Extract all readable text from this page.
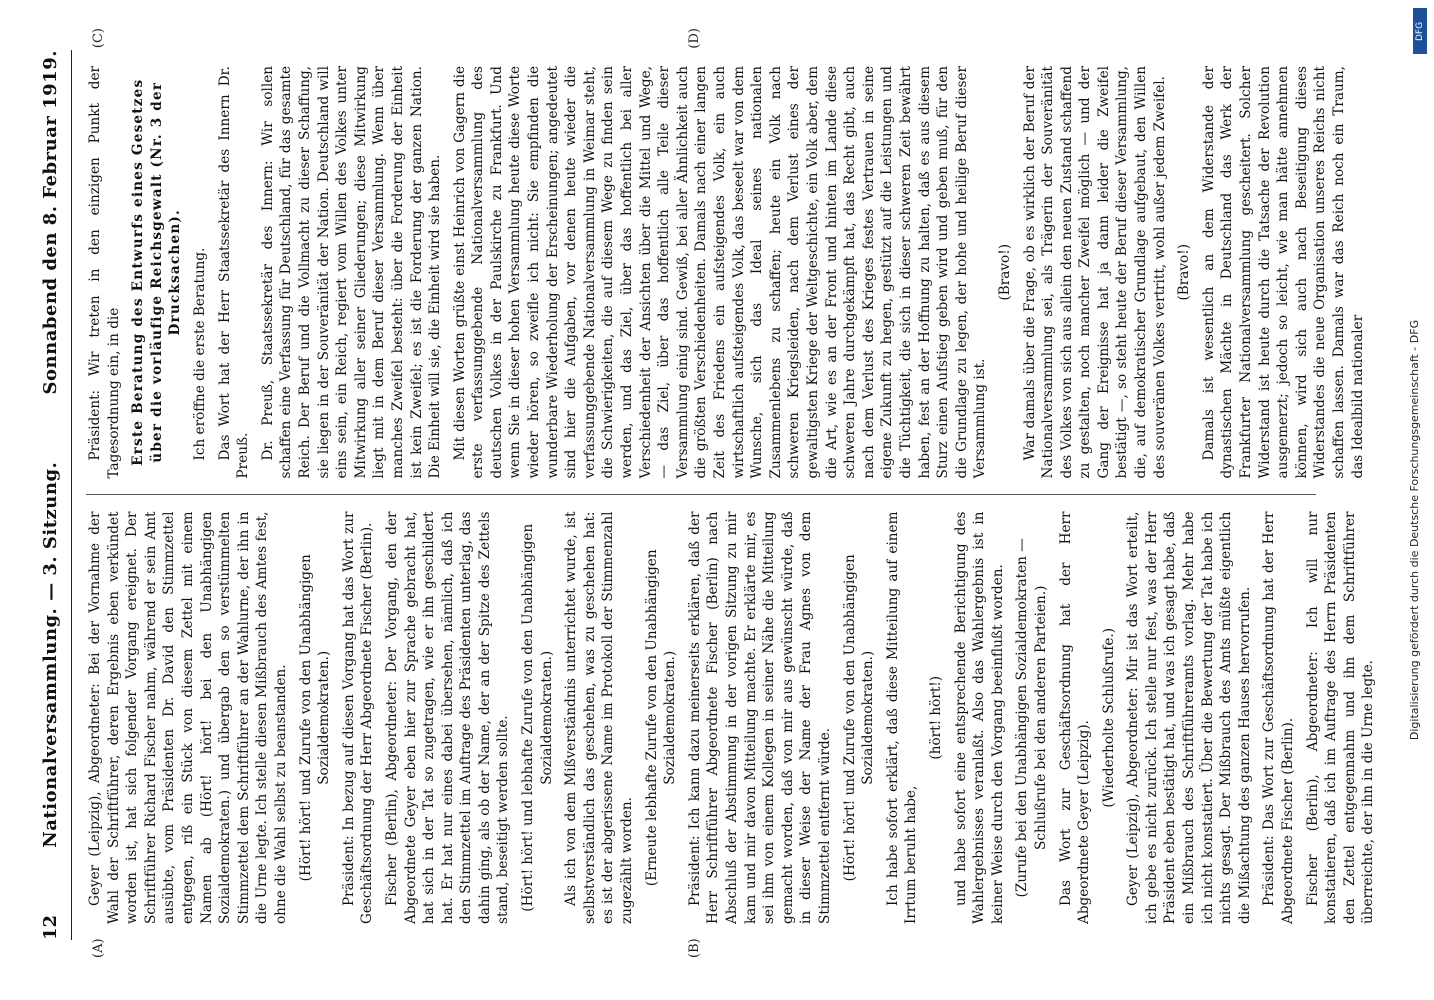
12
Nationalversammlung. — 3. Sitzung.
Sonnabend den 8. Februar 1919.
(A)	(B)

Geyer (Leipzig), Abgeordneter: Bei der Vornahme der Wahl der Schriftführer, deren Ergebnis eben verkündet worden ist, hat sich folgender Vorgang ereignet. Der Schriftführer Richard Fischer nahm, während er sein Amt ausübte, vom Präsidenten Dr. David den Stimmzettel entgegen, riß ein Stück von diesem Zettel mit einem Namen ab (Hört! hört! bei den Unabhängigen Sozialdemokraten.) und übergab den so verstümmelten Stimmzettel dem Schriftführer an der Wahlurne, der ihn in die Urne legte. Ich stelle diesen Mißbrauch des Amtes fest, ohne die Wahl selbst zu beanstanden. (Hört! hört! und Zurufe von den Unabhängigen Sozialdemokraten.) Präsident: In bezug auf diesen Vorgang hat das Wort zur Geschäftsordnung der Herr Abgeordnete Fischer (Berlin). Fischer (Berlin), Abgeordneter: Der Vorgang, den der Abgeordnete Geyer eben hier zur Sprache gebracht hat, hat sich in der Tat so zugetragen, wie er ihn geschildert hat. Er hat nur eines dabei übersehen, nämlich, daß ich den Stimmzettel im Auftrage des Präsidenten unterlag, das dahin ging, als ob der Name, der an der Spitze des Zettels stand, beseitigt werden sollte. (Hört! hört! und lebhafte Zurufe von den Unabhängigen Sozialdemokraten.) Als ich von dem Mißverständnis unterrichtet wurde, ist selbstverständlich das geschehen, was zu geschehen hat: es ist der abgerissene Name im Protokoll der Stimmenzahl zugezählt worden. (Erneute lebhafte Zurufe von den Unabhängigen Sozialdemokraten.) Präsident: Ich kann dazu meinerseits erklären, daß der Herr Schriftführer Abgeordnete Fischer (Berlin) nach Abschluß der Abstimmung in der vorigen Sitzung zu mir kam und mir davon Mitteilung machte. Er erklärte mir, es sei ihm von einem Kollegen in seiner Nähe die Mitteilung gemacht worden, daß von mir aus gewünscht würde, daß in dieser Weise der Name der Frau Agnes von dem Stimmzettel entfernt würde. (Hört! hört! und Zurufe von den Unabhängigen Sozialdemokraten.) Ich habe sofort erklärt, daß diese Mitteilung auf einem Irrtum beruht habe,

(hört! hört!) und habe sofort eine entsprechende Berichtigung des Wahlergebnisses veranlaßt. Also das Wahlergebnis ist in keiner Weise durch den Vorgang beeinflußt worden. (Zurufe bei den Unabhängigen Sozialdemokraten — Schlußrufe bei den anderen Parteien.) Das Wort zur Geschäftsordnung hat der Herr Abgeordnete Geyer (Leipzig).

(Wiederholte Schlußrufe.) Geyer (Leipzig), Abgeordneter: Mir ist das Wort erteilt, ich gebe es nicht zurück. Ich stelle nur fest, was der Herr Präsident eben bestätigt hat, und was ich gesagt habe, daß ein Mißbrauch des Schriftführeramts vorlag. Mehr habe ich nicht konstatiert. Über die Bewertung der Tat habe ich nichts gesagt. Der Mißbrauch des Amts müßte eigentlich die Mißachtung des ganzen Hauses hervorrufen. Präsident: Das Wort zur Geschäftsordnung hat der Herr Abgeordnete Fischer (Berlin). Fischer (Berlin), Abgeordneter: Ich will nur konstatieren, daß ich im Auftrage des Herrn Präsidenten den Zettel entgegennahm und ihn dem Schriftführer überreichte, der ihn in die Urne legte.

(C)	(D)

Präsident: Wir treten in den einzigen Punkt der Tagesordnung ein, in die Erste Beratung des Entwurfs eines Gesetzes über die vorläufige Reichsgewalt (Nr. 3 der Drucksachen). Ich eröffne die erste Beratung. Das Wort hat der Herr Staatssekretär des Innern Dr. Preuß. Dr. Preuß, Staatssekretär des Innern: Wir sollen schaffen eine Verfassung für Deutschland, für das gesamte Reich. Der Beruf und die Vollmacht zu dieser Schaffung, sie liegen in der Souveränität der Nation. Deutschland will eins sein, ein Reich, regiert vom Willen des Volkes unter Mitwirkung aller seiner Gliederungen; diese Mitwirkung liegt mit in dem Beruf dieser Versammlung. Wenn über manches Zweifel besteht: über die Forderung der Einheit ist kein Zweifel; es ist die Forderung der ganzen Nation. Die Einheit will sie, die Einheit wird sie haben. Mit diesen Worten grüßte einst Heinrich von Gagern die erste verfassunggebende Nationalversammlung des deutschen Volkes in der Paulskirche zu Frankfurt. Und wenn Sie in dieser hohen Versammlung heute diese Worte wieder hören, so zweifle ich nicht: Sie empfinden die wunderbare Wiederholung der Erscheinungen; angedeutet sind hier die Aufgaben, vor denen heute wieder die verfassunggebende Nationalversammlung in Weimar steht, die Schwierigkeiten, die auf diesem Wege zu finden sein werden, und das Ziel, über das hoffentlich bei aller Verschiedenheit der Ansichten über die Mittel und Wege, — das Ziel, über das hoffentlich alle Teile dieser Versammlung einig sind. Gewiß, bei aller Ähnlichkeit auch die größten Verschiedenheiten. Damals nach einer langen Zeit des Friedens ein aufsteigendes Volk, ein auch wirtschaftlich aufsteigendes Volk, das beseelt war von dem Wunsche, sich das Ideal seines nationalen Zusammenlebens zu schaffen; heute ein Volk nach schweren Kriegsleiden, nach dem Verlust eines der gewaltigsten Kriege der Weltgeschichte, ein Volk aber, dem die Art, wie es an der Front und hinten im Lande diese schweren Jahre durchgekämpft hat, das Recht gibt, auch nach dem Verlust des Krieges festes Vertrauen in seine eigene Zukunft zu hegen, gestützt auf die Leistungen und die Tüchtigkeit, die sich in dieser schweren Zeit bewährt haben, fest an der Hoffnung zu halten, daß es aus diesem Sturz einen Aufstieg geben wird und geben muß, für den die Grundlage zu legen, der hohe und heilige Beruf dieser Versammlung ist.

(Bravo!) War damals über die Frage, ob es wirklich der Beruf der Nationalversammlung sei, als Trägerin der Souveränität des Volkes von sich aus allein den neuen Zustand schaffend zu gestalten, noch mancher Zweifel möglich — und der Gang der Ereignisse hat ja dann leider die Zweifel bestätigt —, so steht heute der Beruf dieser Versammlung, die, auf demokratischer Grundlage aufgebaut, den Willen des souveränen Volkes vertritt, wohl außer jedem Zweifel. (Bravo!) Damals ist wesentlich an dem Widerstande der dynastischen Mächte in Deutschland das Werk der Frankfurter Nationalversammlung gescheitert. Solcher Widerstand ist heute durch die Tatsache der Revolution ausgemerzt; jedoch so leicht, wie man hätte annehmen können, wird sich auch nach Beseitigung dieses Widerstandes die neue Organisation unseres Reichs nicht schaffen lassen. Damals war das Reich noch ein Traum, das Idealbild nationaler

DFG
Digitalisierung gefördert durch die Deutsche Forschungsgemeinschaft - DFG
